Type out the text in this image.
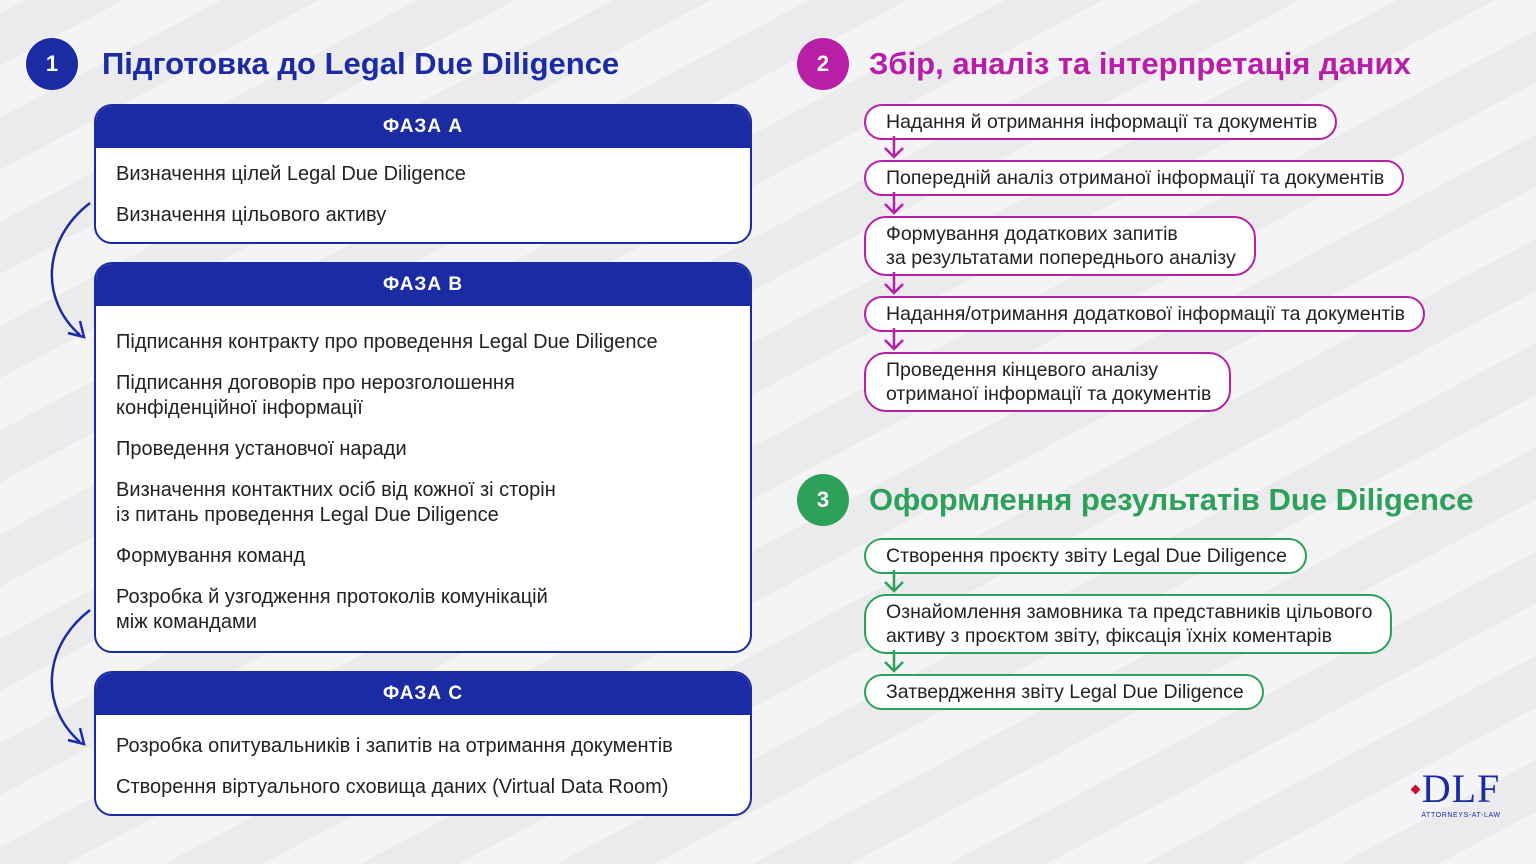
1	Підготовка до Legal Due Diligence
ФАЗА А
Визначення цілей Legal Due Diligence
Визначення цільового активу
ФАЗА В
Підписання контракту про проведення Legal Due Diligence
Підписання договорів про нерозголошення
конфіденційної інформації
Проведення установчої наради
Визначення контактних осіб від кожної зі сторін
із питань проведення Legal Due Diligence
Формування команд
Розробка й узгодження протоколів комунікацій
між командами
ФАЗА С
Розробка опитувальників і запитів на отримання документів
Створення віртуального сховища даних (Virtual Data Room)
2	Збір, аналіз та інтерпретація даних
Надання й отримання інформації та документів
Попередній аналіз отриманої інформації та документів
Формування додаткових запитів
за результатами попереднього аналізу
Надання/отримання додаткової інформації та документів
Проведення кінцевого аналізу
отриманої інформації та документів
3	Оформлення результатів Due Diligence
Створення проєкту звіту Legal Due Diligence
Ознайомлення замовника та представників цільового
активу з проєктом звіту, фіксація їхніх коментарів
Затвердження звіту Legal Due Diligence
DLF
ATTORNEYS-AT-LAW
